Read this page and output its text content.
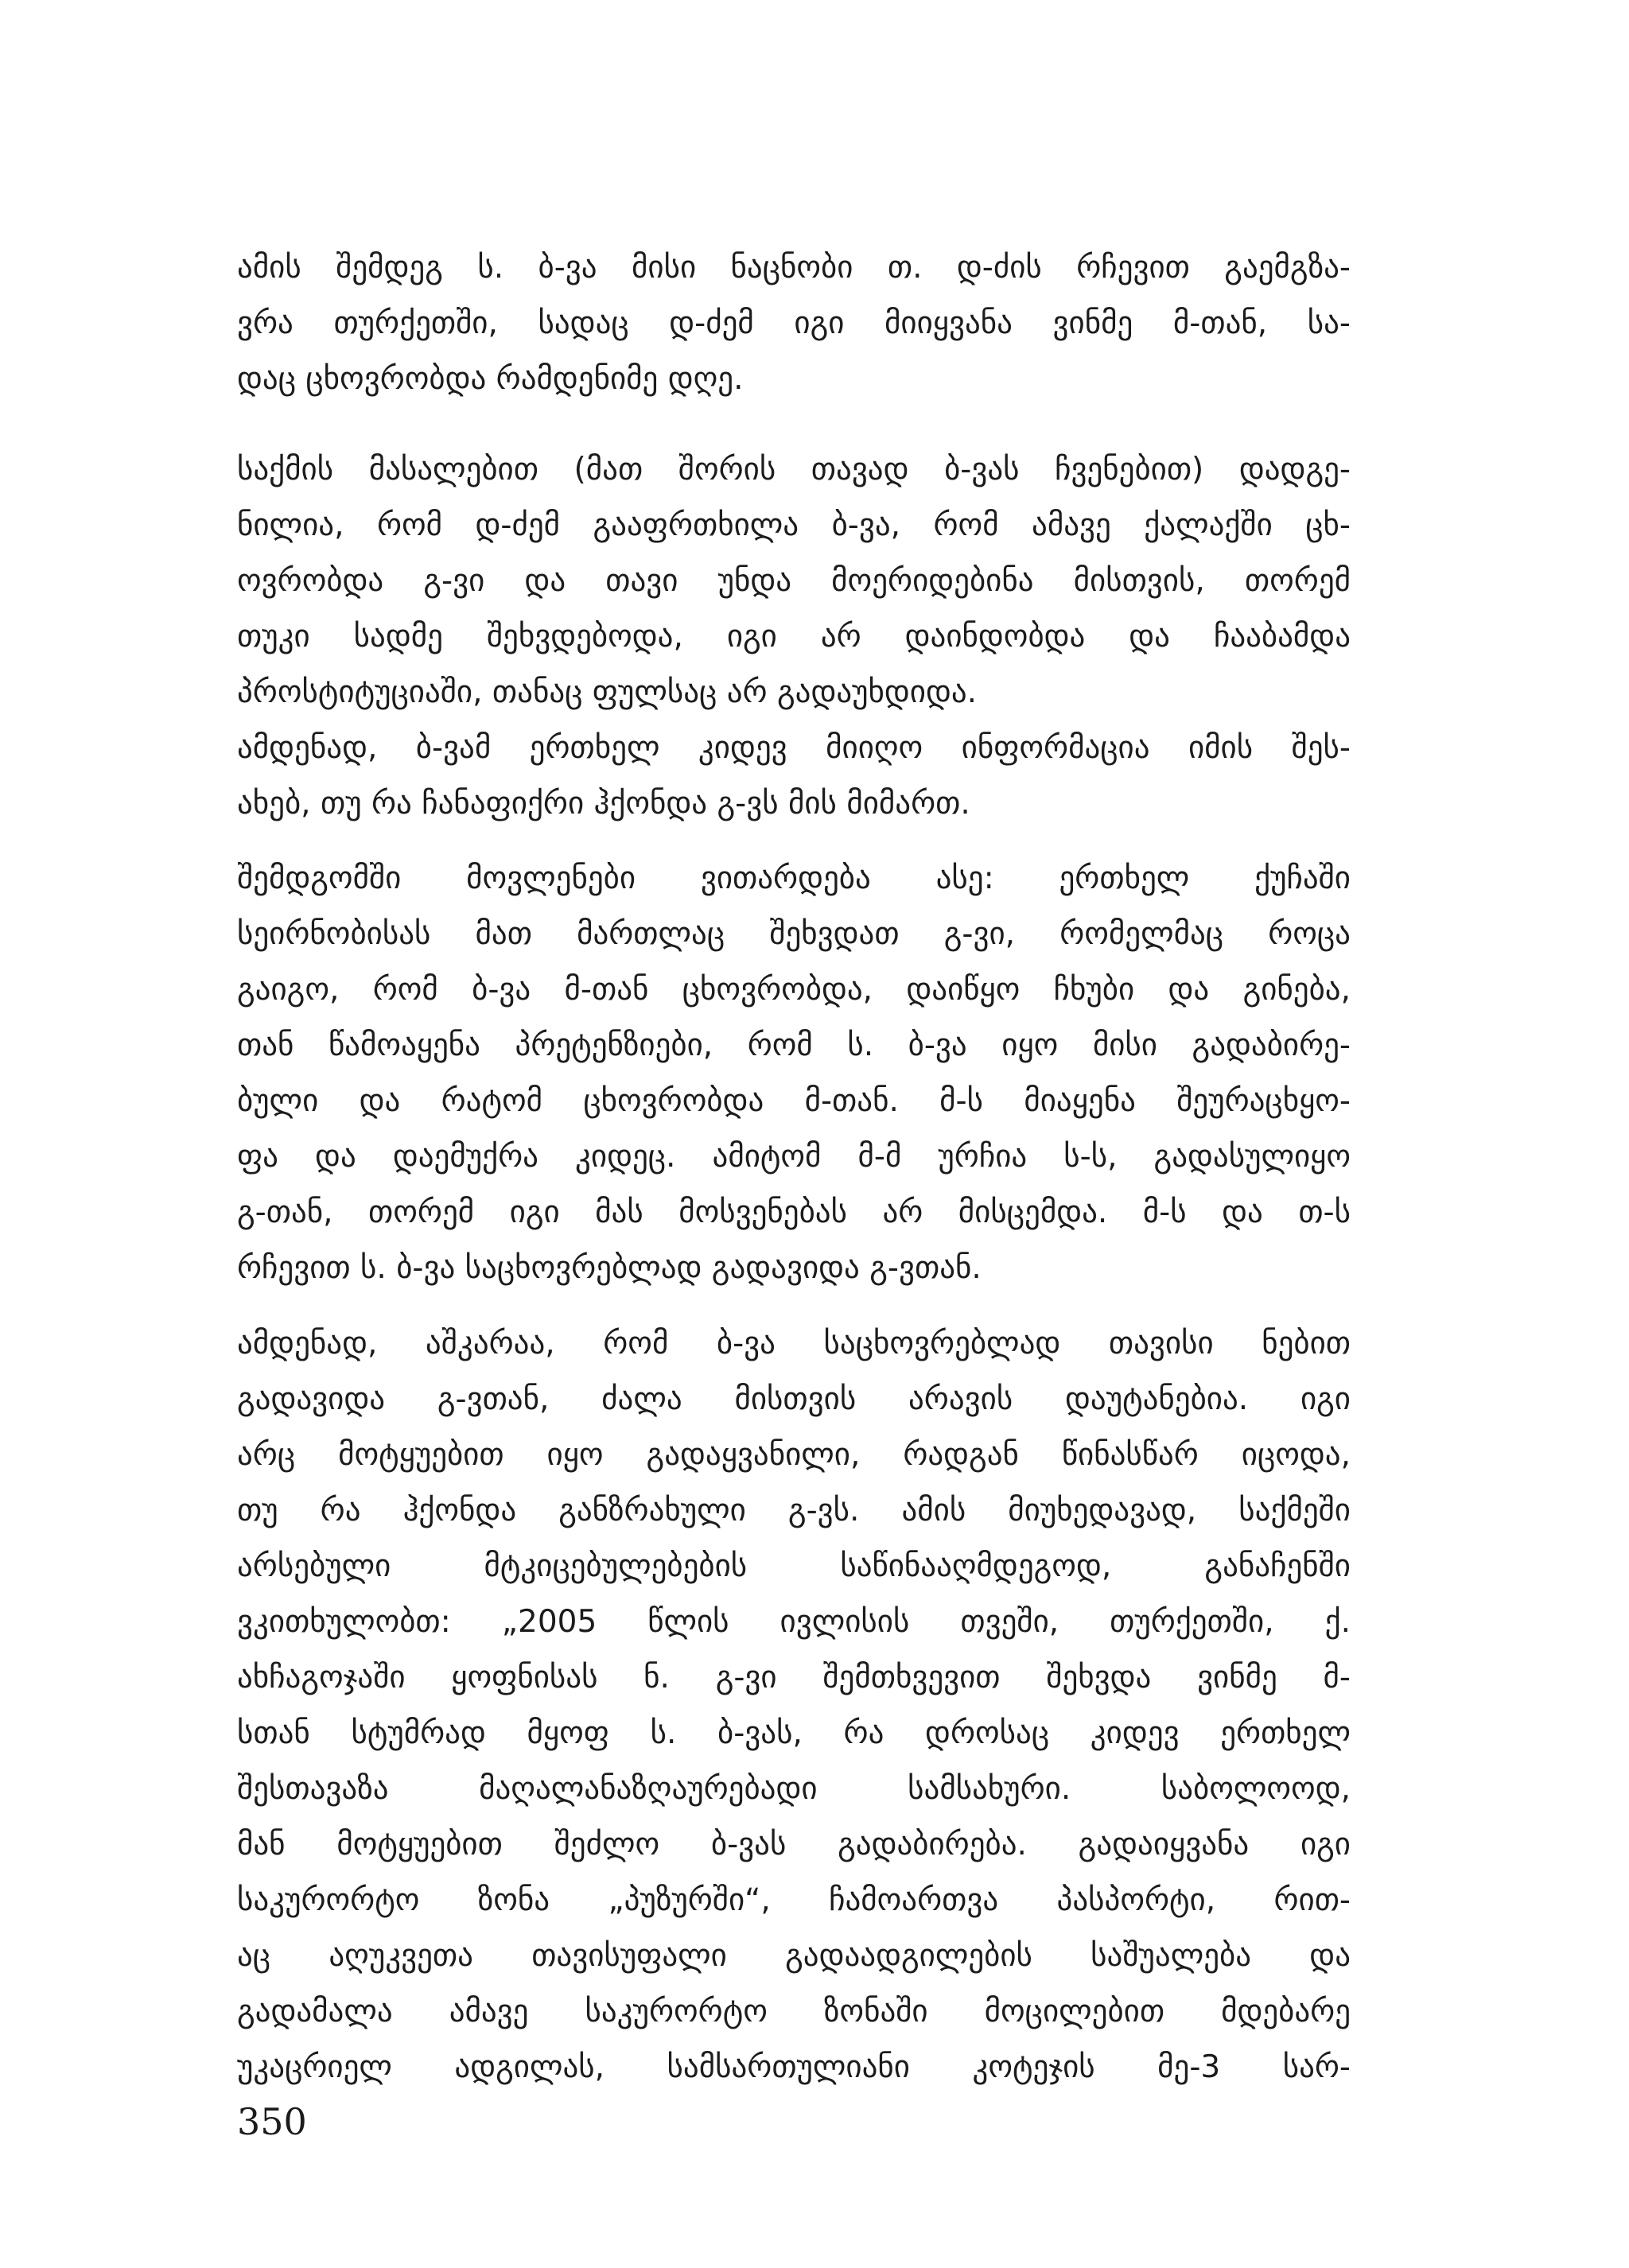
ამის შემდეგ ს. ბ-ვა მისი ნაცნობი თ. დ-ძის რჩევით გაემგზა-
ვრა თურქეთში, სადაც დ-ძემ იგი მიიყვანა ვინმე მ-თან, სა-
დაც ცხოვრობდა რამდენიმე დღე.
საქმის მასალებით (მათ შორის თავად ბ-ვას ჩვენებით) დადგე-
ნილია, რომ დ-ძემ გააფრთხილა ბ-ვა, რომ ამავე ქალაქში ცხ-
ოვრობდა გ-ვი და თავი უნდა მოერიდებინა მისთვის, თორემ
თუკი სადმე შეხვდებოდა, იგი არ დაინდობდა და ჩააბამდა
პროსტიტუციაში, თანაც ფულსაც არ გადაუხდიდა.
ამდენად, ბ-ვამ ერთხელ კიდევ მიიღო ინფორმაცია იმის შეს-
ახებ, თუ რა ჩანაფიქრი ჰქონდა გ-ვს მის მიმართ.
შემდგომში მოვლენები ვითარდება ასე: ერთხელ ქუჩაში
სეირნობისას მათ მართლაც შეხვდათ გ-ვი, რომელმაც როცა
გაიგო, რომ ბ-ვა მ-თან ცხოვრობდა, დაიწყო ჩხუბი და გინება,
თან წამოაყენა პრეტენზიები, რომ ს. ბ-ვა იყო მისი გადაბირე-
ბული და რატომ ცხოვრობდა მ-თან. მ-ს მიაყენა შეურაცხყო-
ფა და დაემუქრა კიდეც. ამიტომ მ-მ ურჩია ს-ს, გადასულიყო
გ-თან, თორემ იგი მას მოსვენებას არ მისცემდა. მ-ს და თ-ს
რჩევით ს. ბ-ვა საცხოვრებლად გადავიდა გ-ვთან.
ამდენად, აშკარაა, რომ ბ-ვა საცხოვრებლად თავისი ნებით
გადავიდა გ-ვთან, ძალა მისთვის არავის დაუტანებია. იგი
არც მოტყუებით იყო გადაყვანილი, რადგან წინასწარ იცოდა,
თუ რა ჰქონდა განზრახული გ-ვს. ამის მიუხედავად, საქმეში
არსებული მტკიცებულებების საწინააღმდეგოდ, განაჩენში
ვკითხულობთ: „2005 წლის ივლისის თვეში, თურქეთში, ქ.
ახჩაგოჯაში ყოფნისას ნ. გ-ვი შემთხვევით შეხვდა ვინმე მ-
სთან სტუმრად მყოფ ს. ბ-ვას, რა დროსაც კიდევ ერთხელ
შესთავაზა მაღალანაზღაურებადი სამსახური. საბოლოოდ,
მან მოტყუებით შეძლო ბ-ვას გადაბირება. გადაიყვანა იგი
საკურორტო ზონა „პუზურში“, ჩამოართვა პასპორტი, რით-
აც აღუკვეთა თავისუფალი გადაადგილების საშუალება და
გადამალა ამავე საკურორტო ზონაში მოცილებით მდებარე
უკაცრიელ ადგილას, სამსართულიანი კოტეჯის მე-3 სარ-
350
